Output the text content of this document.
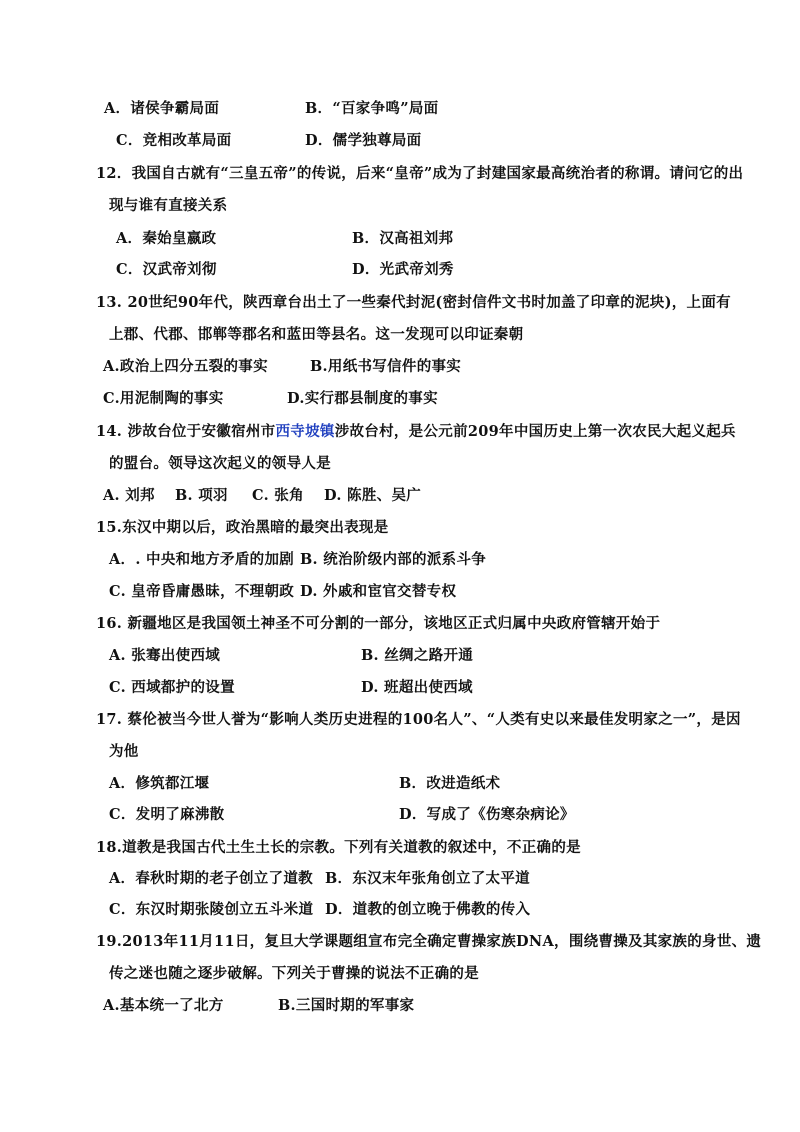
A．诸侯争霸局面	B．“百家争鸣”局面
C．竞相改革局面	D．儒学独尊局面
12．我国自古就有“三皇五帝”的传说，后来“皇帝”成为了封建国家最高统治者的称谓。请问它的出
现与谁有直接关系
A．秦始皇嬴政	B．汉高祖刘邦
C．汉武帝刘彻	D．光武帝刘秀
13. 20世纪90年代，陕西章台出土了一些秦代封泥(密封信件文书时加盖了印章的泥块)，上面有
上郡、代郡、邯郸等郡名和蓝田等县名。这一发现可以印证秦朝
A.政治上四分五裂的事实	B.用纸书写信件的事实
C.用泥制陶的事实	D.实行郡县制度的事实
14. 涉故台位于安徽宿州市西寺坡镇涉故台村，是公元前209年中国历史上第一次农民大起义起兵
的盟台。领导这次起义的领导人是
A. 刘邦 B. 项羽 C. 张角 D. 陈胜、吴广
15.东汉中期以后，政治黑暗的最突出表现是
A．. 中央和地方矛盾的加剧 B. 统治阶级内部的派系斗争
C. 皇帝昏庸愚昧，不理朝政 D. 外戚和宦官交替专权
16. 新疆地区是我国领土神圣不可分割的一部分，该地区正式归属中央政府管辖开始于
A. 张骞出使西域	B. 丝绸之路开通
C. 西域都护的设置	D. 班超出使西域
17. 蔡伦被当今世人誉为“影响人类历史进程的100名人”、“人类有史以来最佳发明家之一”，是因
为他
A．修筑都江堰	B．改进造纸术
C．发明了麻沸散	D．写成了《伤寒杂病论》
18.道教是我国古代土生土长的宗教。下列有关道教的叙述中，不正确的是
A．春秋时期的老子创立了道教 B．东汉末年张角创立了太平道
C．东汉时期张陵创立五斗米道 D．道教的创立晚于佛教的传入
19.2013年11月11日，复旦大学课题组宣布完全确定曹操家族DNA，围绕曹操及其家族的身世、遗
传之迷也随之逐步破解。下列关于曹操的说法不正确的是
A.基本统一了北方	B.三国时期的军事家
